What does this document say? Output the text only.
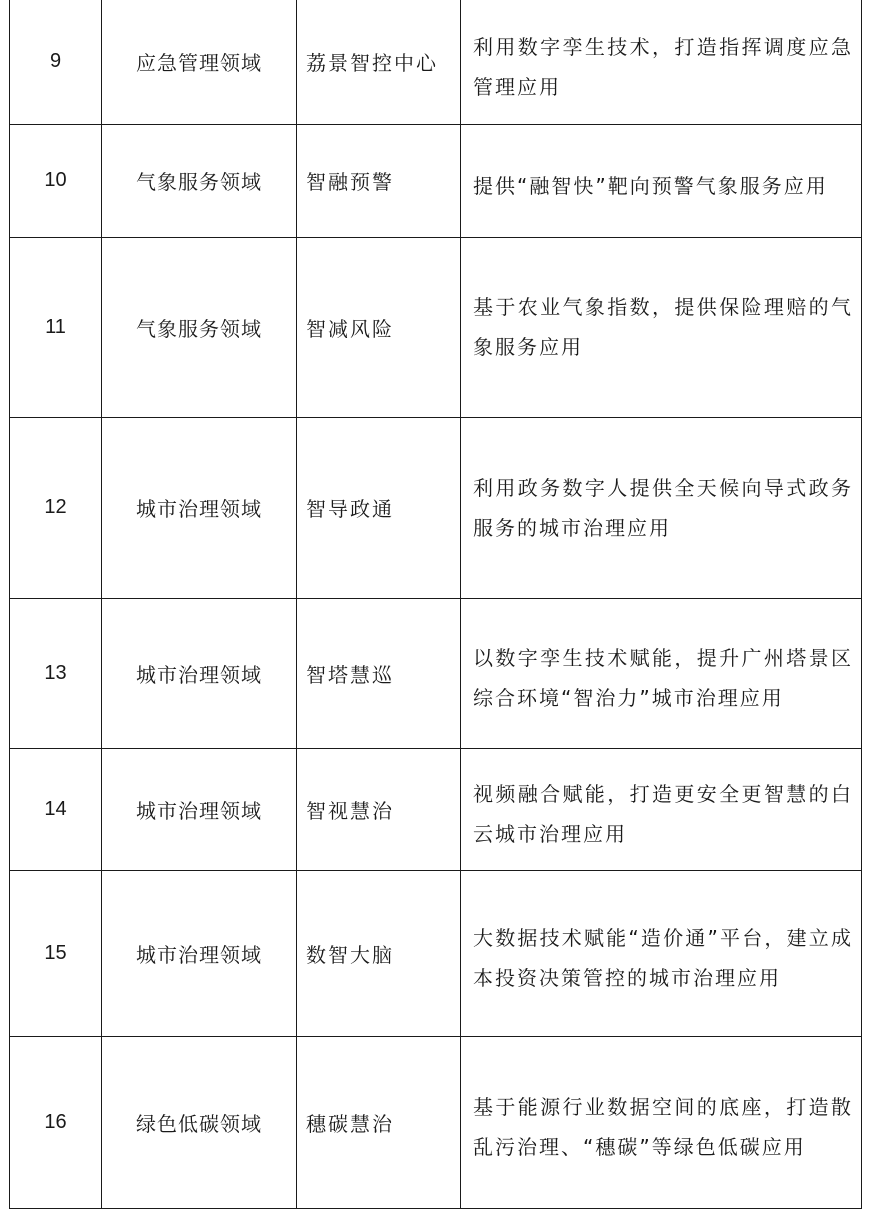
9	应急管理领域	荔景智控中心	利用数字孪生技术，打造指挥调度应急管理应用
10	气象服务领域	智融预警	提供“融智快”靶向预警气象服务应用
11	气象服务领域	智减风险	基于农业气象指数，提供保险理赔的气象服务应用
12	城市治理领域	智导政通	利用政务数字人提供全天候向导式政务服务的城市治理应用
13	城市治理领域	智塔慧巡	以数字孪生技术赋能，提升广州塔景区综合环境“智治力”城市治理应用
14	城市治理领域	智视慧治	视频融合赋能，打造更安全更智慧的白云城市治理应用
15	城市治理领域	数智大脑	大数据技术赋能“造价通”平台，建立成本投资决策管控的城市治理应用
16	绿色低碳领域	穗碳慧治	基于能源行业数据空间的底座，打造散乱污治理、“穗碳”等绿色低碳应用
